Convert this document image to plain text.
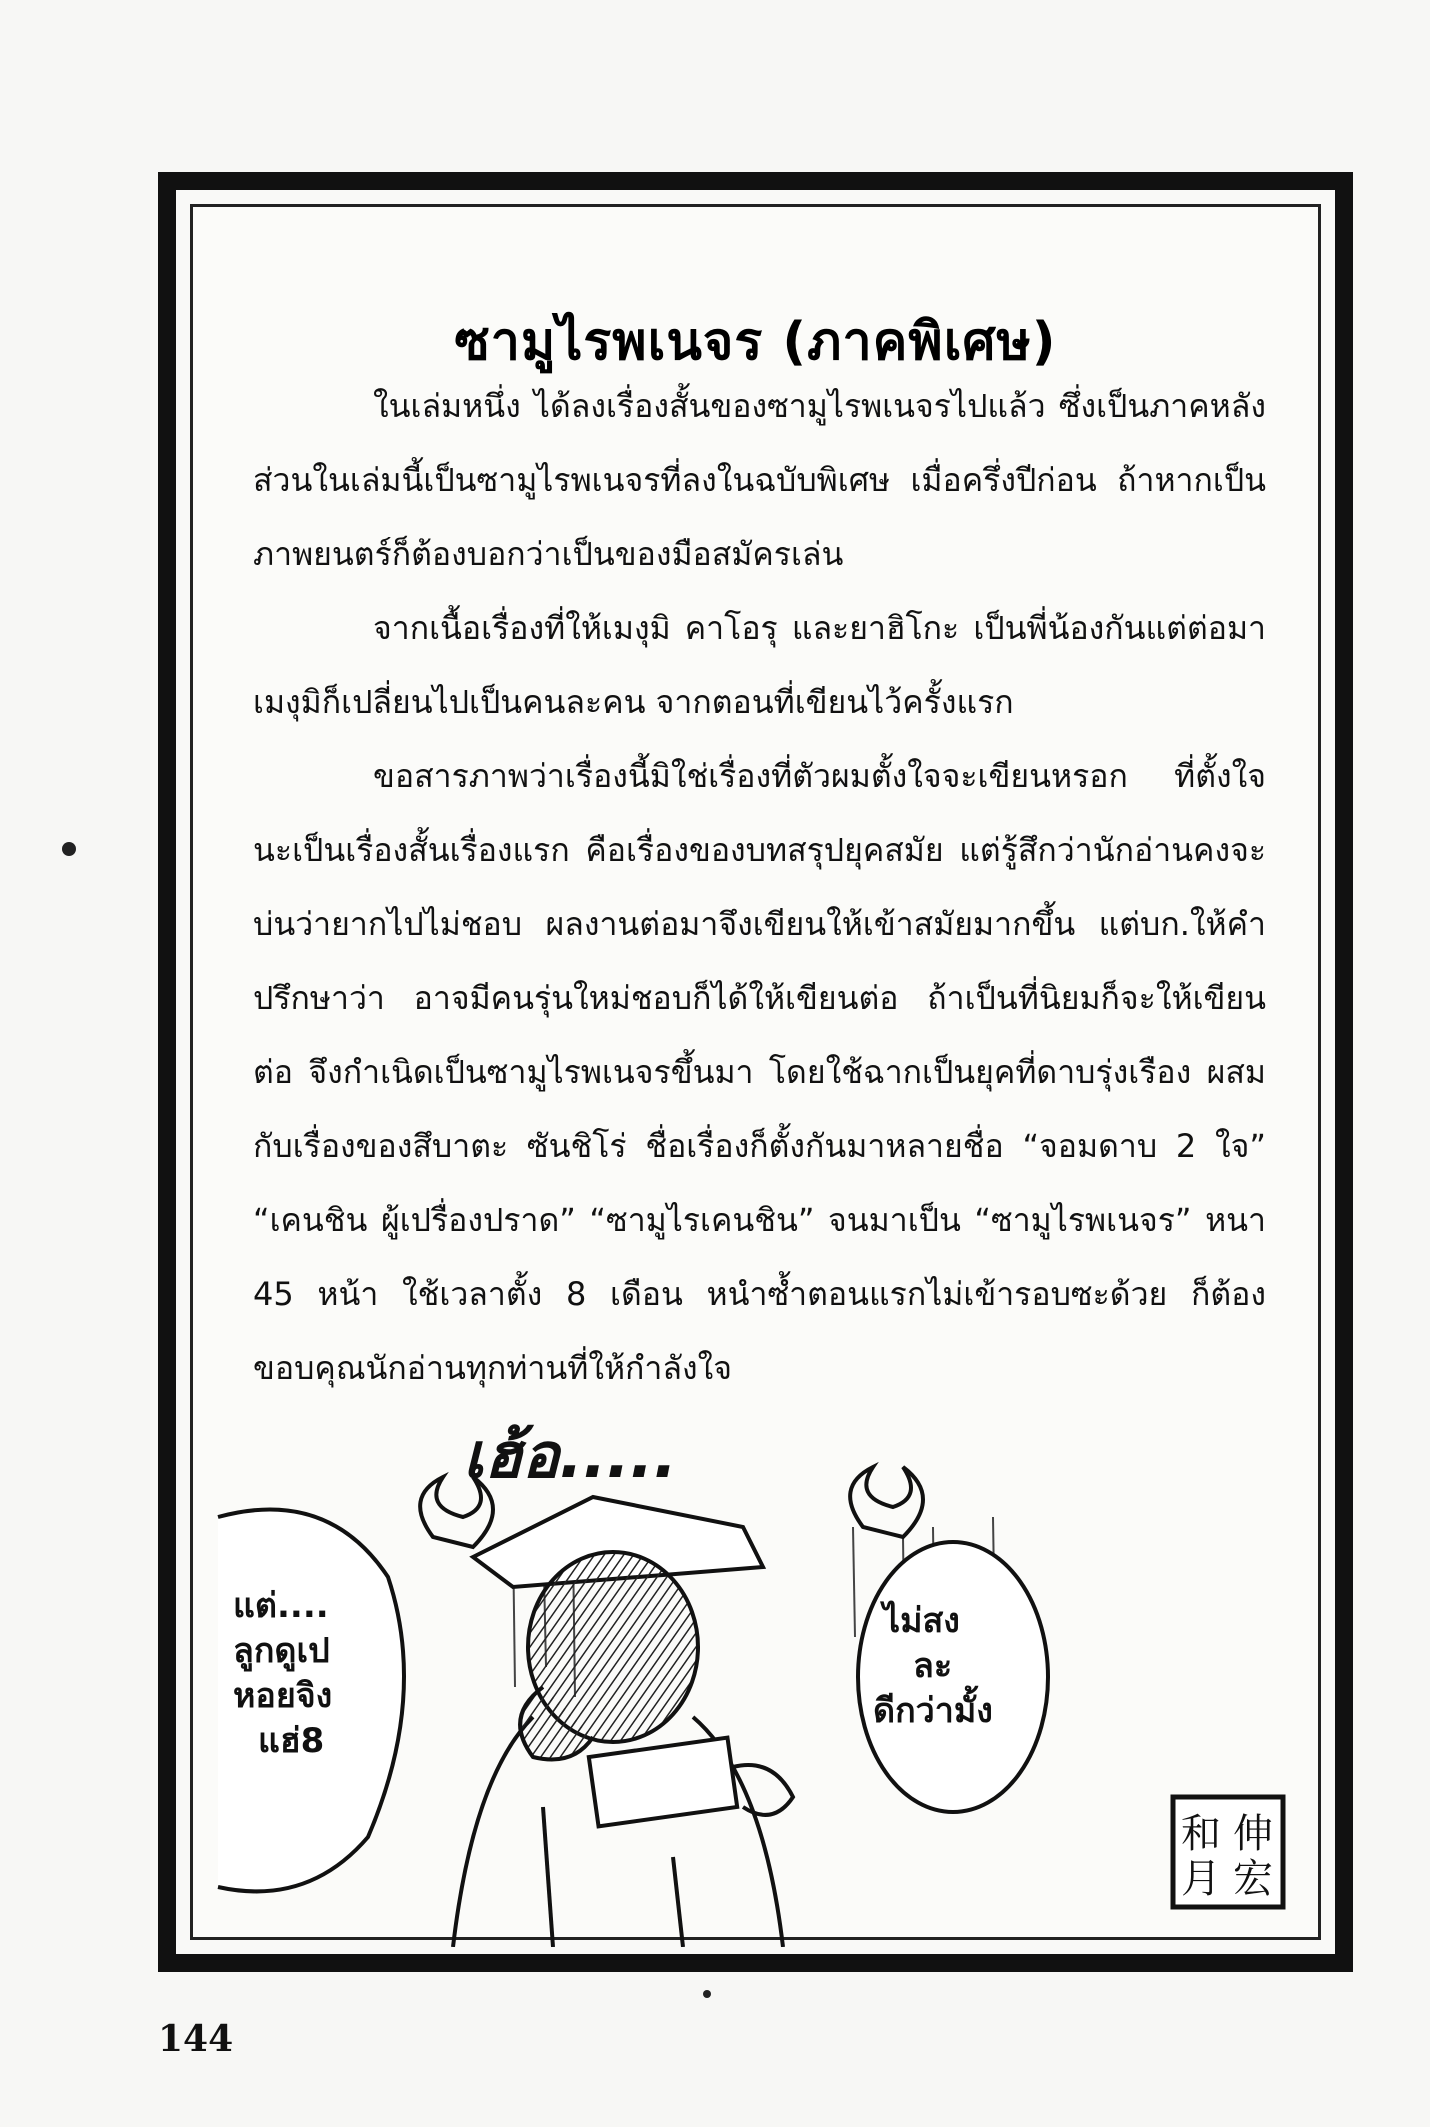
ซามูไรพเนจร (ภาคพิเศษ)

ในเล่มหนึ่ง ได้ลงเรื่องสั้นของซามูไรพเนจรไปแล้ว ซึ่งเป็นภาคหลัง ส่วนในเล่มนี้เป็นซามูไรพเนจรที่ลงในฉบับพิเศษ เมื่อครึ่งปีก่อน ถ้าหากเป็นภาพยนตร์ก็ต้องบอกว่าเป็นของมือสมัครเล่น

จากเนื้อเรื่องที่ให้เมงุมิ คาโอรุ และยาฮิโกะ เป็นพี่น้องกันแต่ต่อมาเมงุมิก็เปลี่ยนไปเป็นคนละคน จากตอนที่เขียนไว้ครั้งแรก

ขอสารภาพว่าเรื่องนี้มิใช่เรื่องที่ตัวผมตั้งใจจะเขียนหรอก ที่ตั้งใจนะเป็นเรื่องสั้นเรื่องแรก คือเรื่องของบทสรุปยุคสมัย แต่รู้สึกว่านักอ่านคงจะบ่นว่ายากไปไม่ชอบ ผลงานต่อมาจึงเขียนให้เข้าสมัยมากขึ้น แต่บก.ให้คำปรึกษาว่า อาจมีคนรุ่นใหม่ชอบก็ได้ให้เขียนต่อ ถ้าเป็นที่นิยมก็จะให้เขียนต่อ จึงกำเนิดเป็นซามูไรพเนจรขึ้นมา โดยใช้ฉากเป็นยุคที่ดาบรุ่งเรือง ผสมกับเรื่องของสึบาตะ ซันชิโร่ ชื่อเรื่องก็ตั้งกันมาหลายชื่อ “จอมดาบ 2 ใจ” “เคนชิน ผู้เปรื่องปราด” “ซามูไรเคนชิน” จนมาเป็น “ซามูไรพเนจร” หนา 45 หน้า ใช้เวลาตั้ง 8 เดือน หนำซ้ำตอนแรกไม่เข้ารอบซะด้วย ก็ต้องขอบคุณนักอ่านทุกท่านที่ให้กำลังใจ

เฮ้อ.....
แต่....
ลูกดูเป
หอยจิง
แฮ่8
ไม่สง
ละ
ดีกว่ามั้ง
伸
宏
和
月
144
